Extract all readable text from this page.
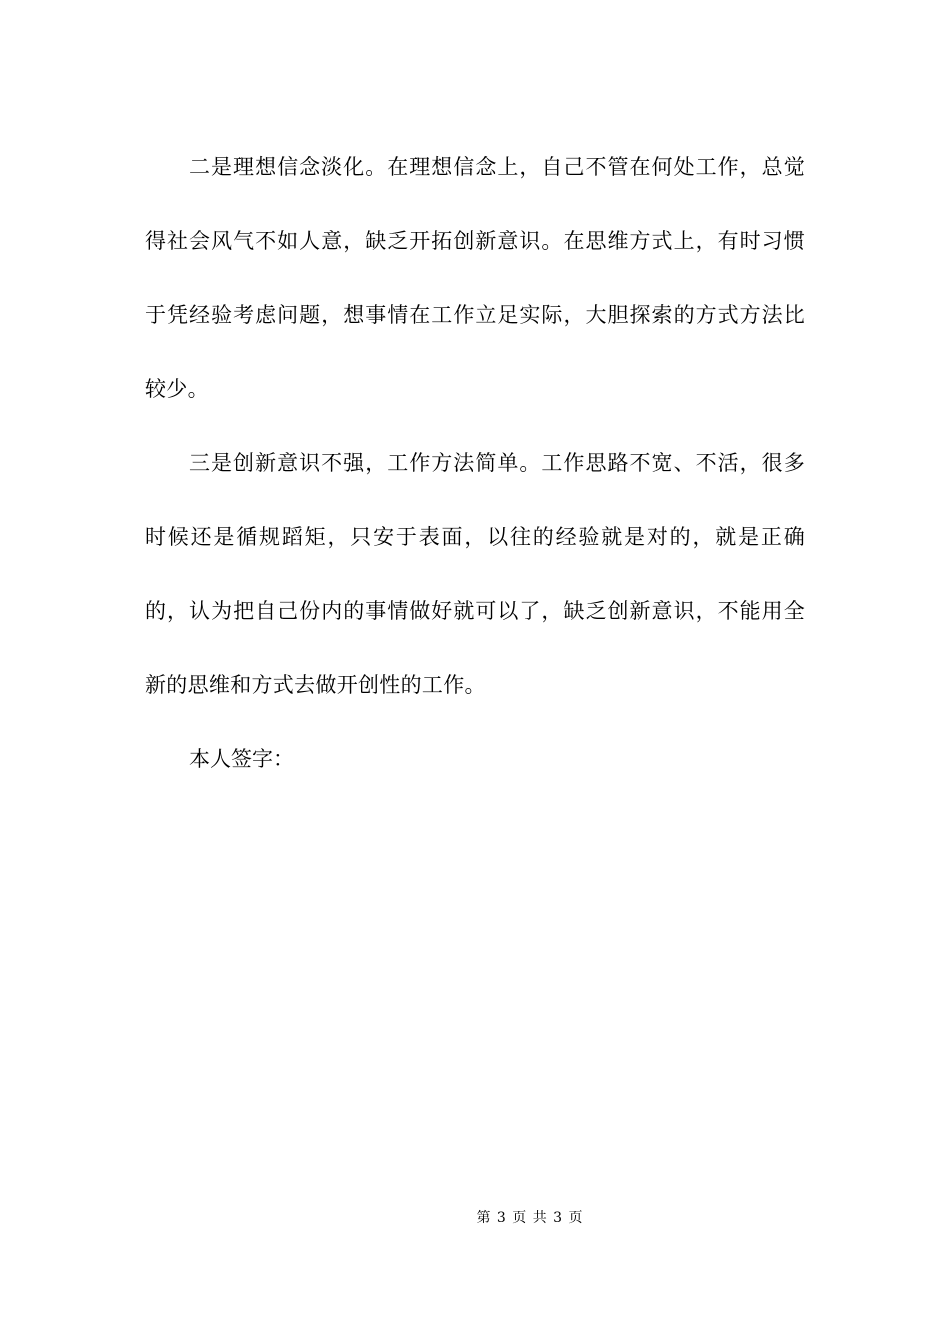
二是理想信念淡化。在理想信念上，自己不管在何处工作，总觉得社会风气不如人意，缺乏开拓创新意识。在思维方式上，有时习惯于凭经验考虑问题，想事情在工作立足实际，大胆探索的方式方法比较少。

三是创新意识不强，工作方法简单。工作思路不宽、不活，很多时候还是循规蹈矩，只安于表面，以往的经验就是对的，就是正确的，认为把自己份内的事情做好就可以了，缺乏创新意识，不能用全新的思维和方式去做开创性的工作。

本人签字：

第 3 页 共 3 页
